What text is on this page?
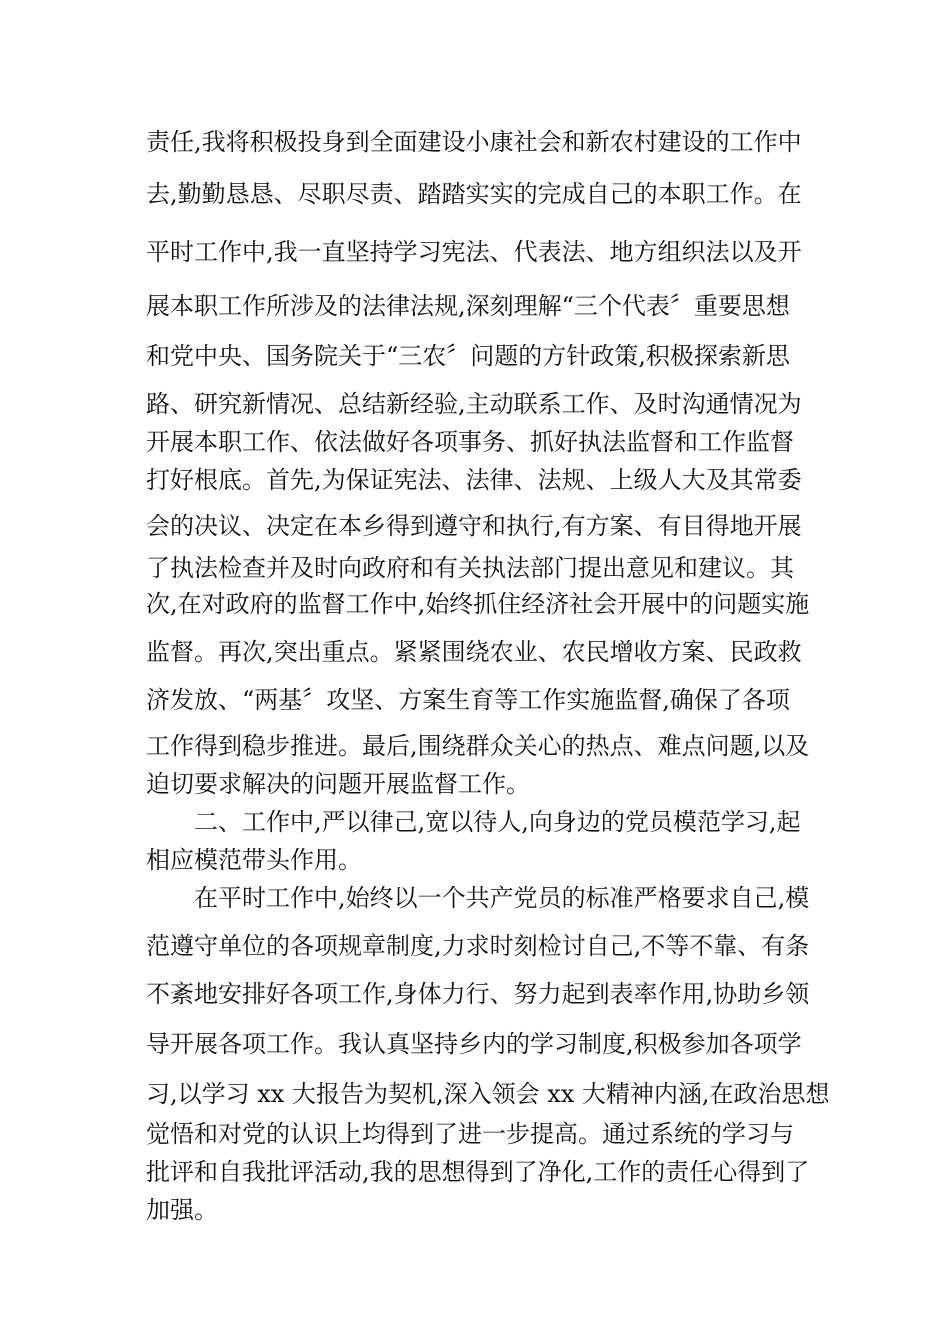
责任,我将积极投身到全面建设小康社会和新农村建设的工作中
去,勤勤恳恳、尽职尽责、踏踏实实的完成自己的本职工作。在
平时工作中,我一直坚持学习宪法、代表法、地方组织法以及开
展本职工作所涉及的法律法规,深刻理解“三个代表〞重要思想
和党中央、国务院关于“三农〞问题的方针政策,积极探索新思
路、研究新情况、总结新经验,主动联系工作、及时沟通情况为
开展本职工作、依法做好各项事务、抓好执法监督和工作监督
打好根底。首先,为保证宪法、法律、法规、上级人大及其常委
会的决议、决定在本乡得到遵守和执行,有方案、有目得地开展
了执法检查并及时向政府和有关执法部门提出意见和建议。其
次,在对政府的监督工作中,始终抓住经济社会开展中的问题实施
监督。再次,突出重点。紧紧围绕农业、农民增收方案、民政救
济发放、“两基〞攻坚、方案生育等工作实施监督,确保了各项
工作得到稳步推进。最后,围绕群众关心的热点、难点问题,以及
迫切要求解决的问题开展监督工作。
　　二、工作中,严以律己,宽以待人,向身边的党员模范学习,起
相应模范带头作用。
　　在平时工作中,始终以一个共产党员的标准严格要求自己,模
范遵守单位的各项规章制度,力求时刻检讨自己,不等不靠、有条
不紊地安排好各项工作,身体力行、努力起到表率作用,协助乡领
导开展各项工作。我认真坚持乡内的学习制度,积极参加各项学
习,以学习 xx 大报告为契机,深入领会 xx 大精神内涵,在政治思想
觉悟和对党的认识上均得到了进一步提高。通过系统的学习与
批评和自我批评活动,我的思想得到了净化,工作的责任心得到了
加强。
